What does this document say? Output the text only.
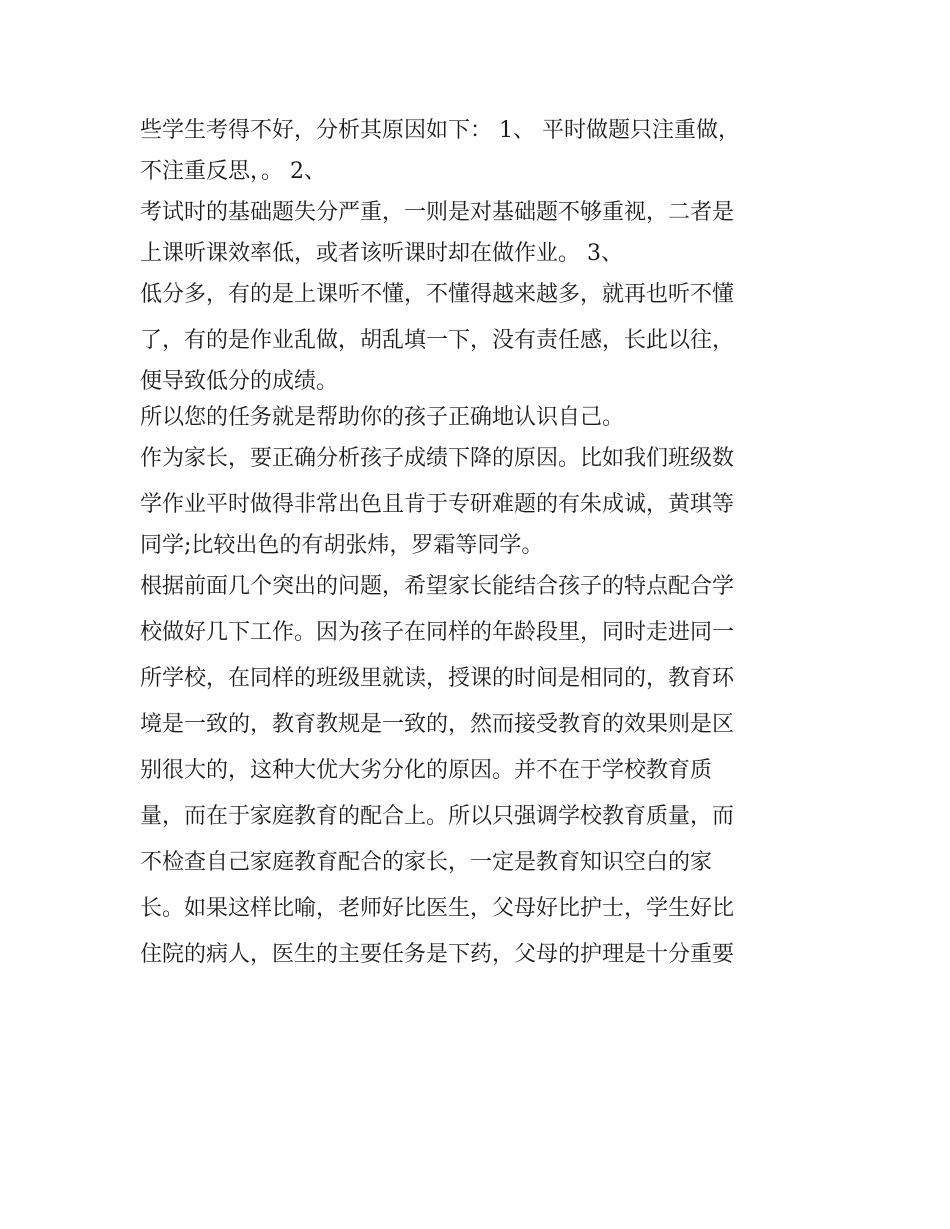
些学生考得不好，分析其原因如下： 1、 平时做题只注重做，
不注重反思，。 2、
考试时的基础题失分严重，一则是对基础题不够重视，二者是
上课听课效率低，或者该听课时却在做作业。 3、
低分多，有的是上课听不懂，不懂得越来越多，就再也听不懂
了，有的是作业乱做，胡乱填一下，没有责任感，长此以往，
便导致低分的成绩。
所以您的任务就是帮助你的孩子正确地认识自己。
作为家长，要正确分析孩子成绩下降的原因。比如我们班级数
学作业平时做得非常出色且肯于专研难题的有朱成诚，黄琪等
同学;比较出色的有胡张炜，罗霜等同学。
根据前面几个突出的问题，希望家长能结合孩子的特点配合学
校做好几下工作。因为孩子在同样的年龄段里，同时走进同一
所学校，在同样的班级里就读，授课的时间是相同的，教育环
境是一致的，教育教规是一致的，然而接受教育的效果则是区
别很大的，这种大优大劣分化的原因。并不在于学校教育质
量，而在于家庭教育的配合上。所以只强调学校教育质量，而
不检查自己家庭教育配合的家长，一定是教育知识空白的家
长。如果这样比喻，老师好比医生，父母好比护士，学生好比
住院的病人，医生的主要任务是下药，父母的护理是十分重要
